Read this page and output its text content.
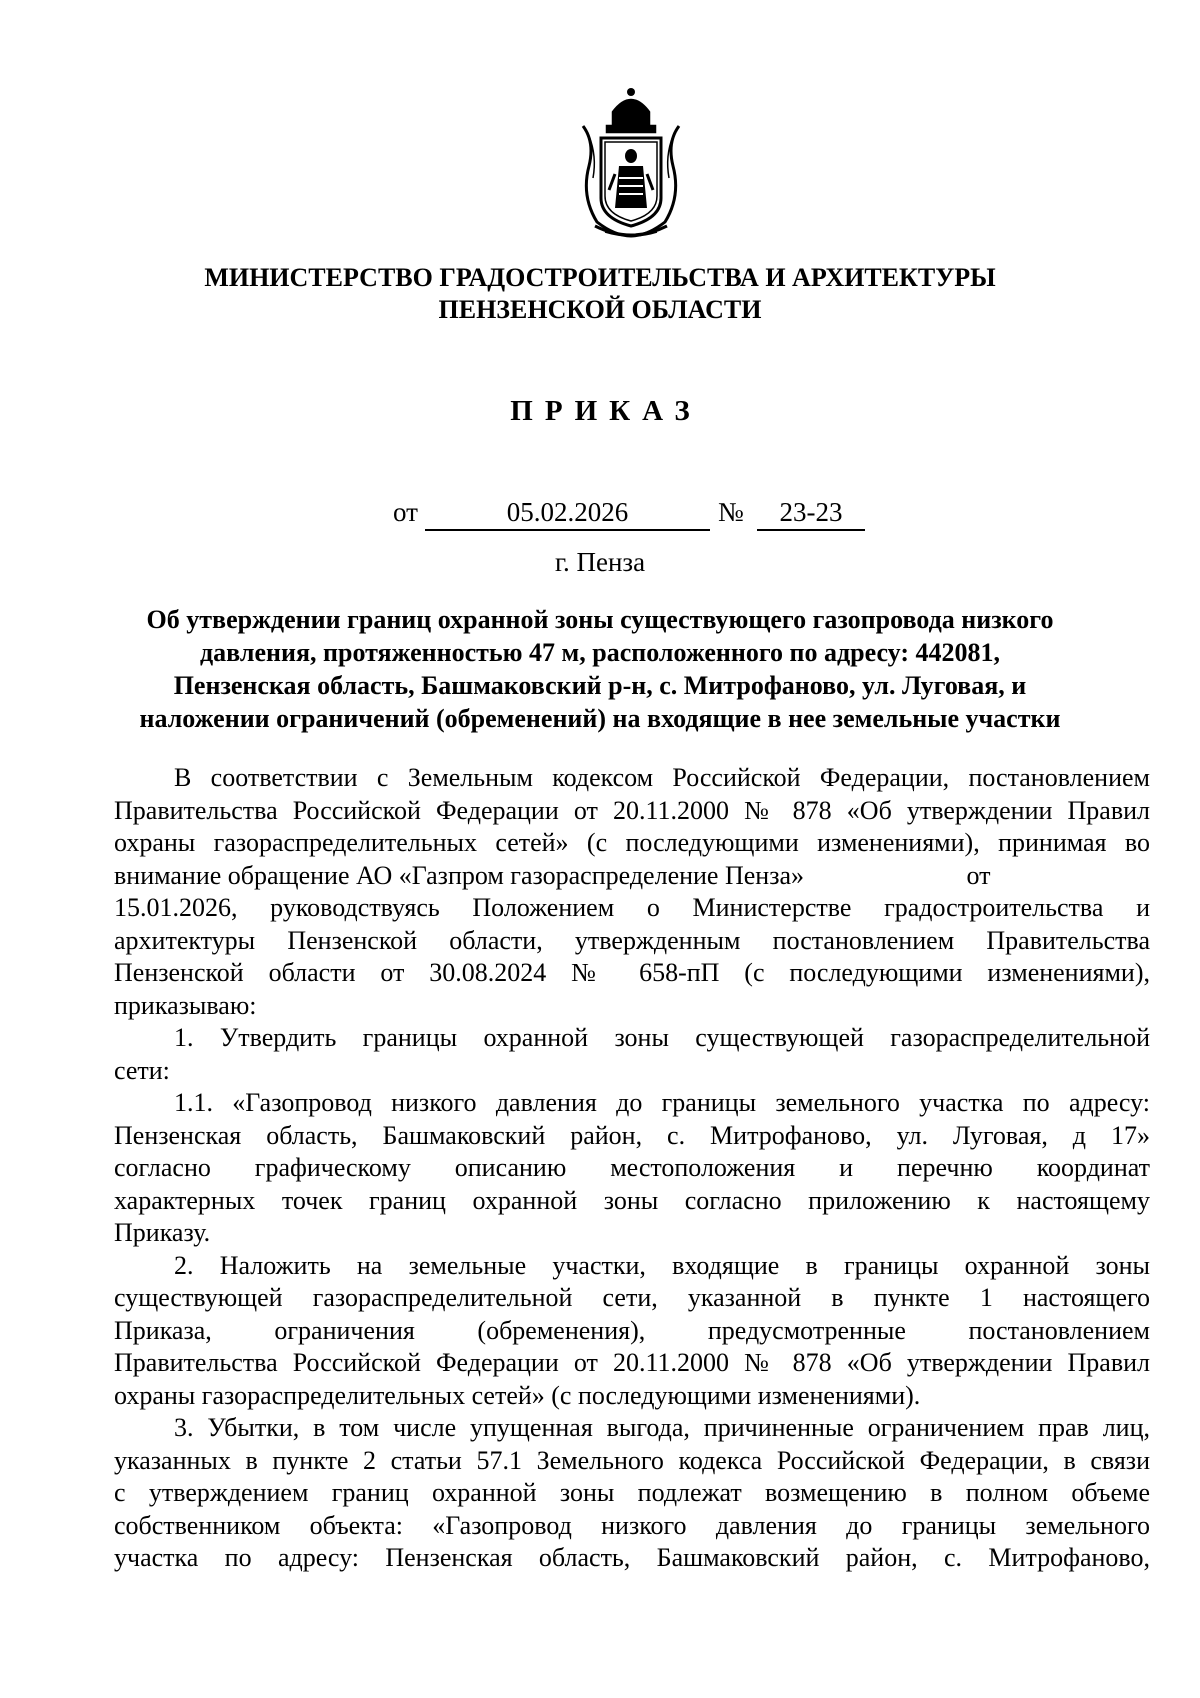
МИНИСТЕРСТВО ГРАДОСТРОИТЕЛЬСТВА И АРХИТЕКТУРЫ
ПЕНЗЕНСКОЙ ОБЛАСТИ
ПРИКАЗ
от	05.02.2026	№	23-23
г. Пенза
Об утверждении границ охранной зоны существующего газопровода низкого
давления, протяженностью 47 м, расположенного по адресу: 442081,
Пензенская область, Башмаковский р-н, с. Митрофаново, ул. Луговая, и
наложении ограничений (обременений) на входящие в нее земельные участки
В соответствии с Земельным кодексом Российской Федерации, постановлением
Правительства Российской Федерации от 20.11.2000 № 878 «Об утверждении Правил
охраны газораспределительных сетей» (с последующими изменениями), принимая во
внимание обращение АО «Газпром газораспределение Пенза»                         от
15.01.2026, руководствуясь Положением о Министерстве градостроительства и
архитектуры Пензенской области, утвержденным постановлением Правительства
Пензенской области от 30.08.2024 № 658-пП (с последующими изменениями),
приказываю:
1. Утвердить границы охранной зоны существующей газораспределительной
сети:
1.1. «Газопровод низкого давления до границы земельного участка по адресу:
Пензенская область, Башмаковский район, с. Митрофаново, ул. Луговая, д 17»
согласно графическому описанию местоположения и перечню координат
характерных точек границ охранной зоны согласно приложению к настоящему
Приказу.
2. Наложить на земельные участки, входящие в границы охранной зоны
существующей газораспределительной сети, указанной в пункте 1 настоящего
Приказа, ограничения (обременения), предусмотренные постановлением
Правительства Российской Федерации от 20.11.2000 № 878 «Об утверждении Правил
охраны газораспределительных сетей» (с последующими изменениями).
3. Убытки, в том числе упущенная выгода, причиненные ограничением прав лиц,
указанных в пункте 2 статьи 57.1 Земельного кодекса Российской Федерации, в связи
с утверждением границ охранной зоны подлежат возмещению в полном объеме
собственником объекта: «Газопровод низкого давления до границы земельного
участка по адресу: Пензенская область, Башмаковский район, с. Митрофаново,
